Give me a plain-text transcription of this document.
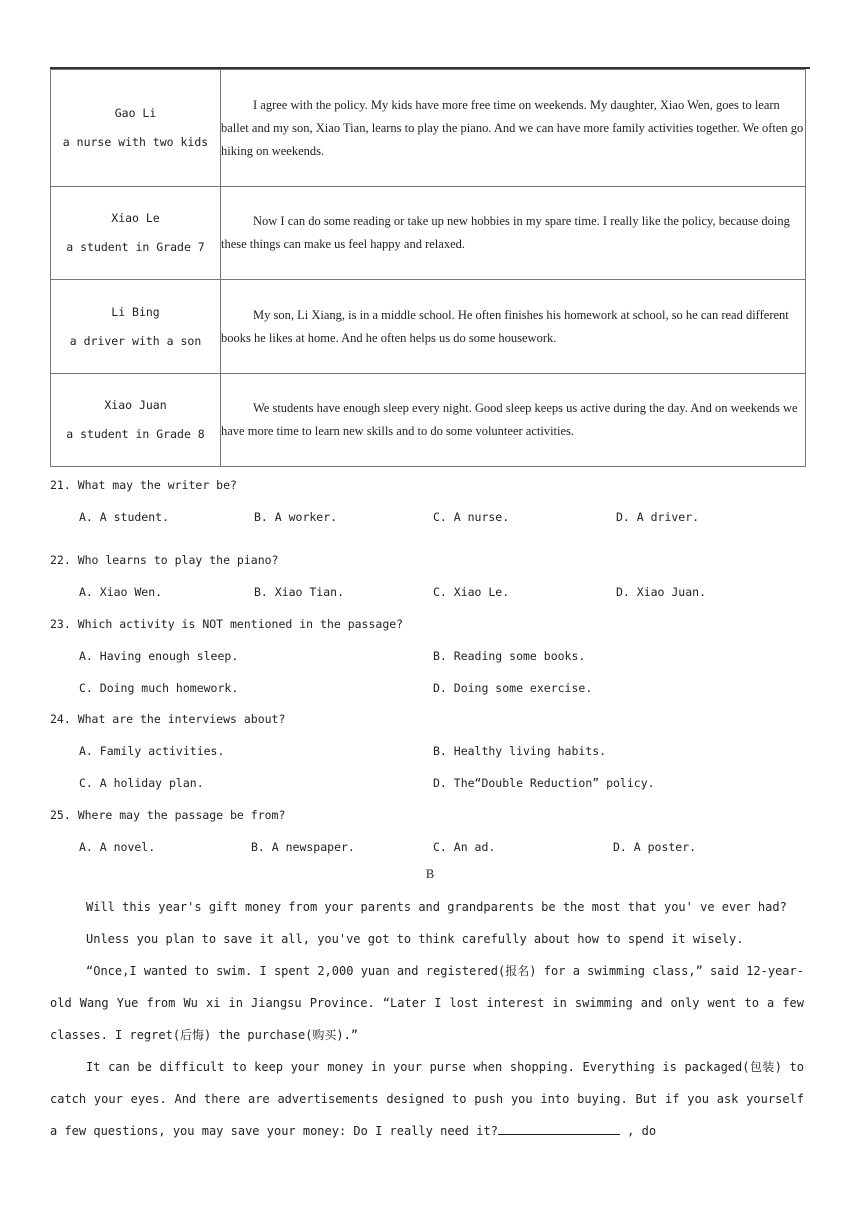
Gao Li
a nurse with two kids	I agree with the policy. My kids have more free time on weekends. My daughter, Xiao Wen, goes to learn ballet and my son, Xiao Tian, learns to play the piano. And we can have more family activities together. We often go hiking on weekends.

Xiao Le
a student in Grade 7	Now I can do some reading or take up new hobbies in my spare time. I really like the policy, because doing these things can make us feel happy and relaxed.

Li Bing
a driver with a son	My son, Li Xiang, is in a middle school. He often finishes his homework at school, so he can read different books he likes at home. And he often helps us do some housework.

Xiao Juan
a student in Grade 8	We students have enough sleep every night. Good sleep keeps us active during the day. And on weekends we have more time to learn new skills and to do some volunteer activities.
21. What may the writer be?
A. A student.	B. A worker.	C. A nurse.	D. A driver.
22. Who learns to play the piano?
A. Xiao Wen.	B. Xiao Tian.	C. Xiao Le.	D. Xiao Juan.
23. Which activity is NOT mentioned in the passage?
A. Having enough sleep.	B. Reading some books.
C. Doing much homework.	D. Doing some exercise.
24. What are the interviews about?
A. Family activities.	B. Healthy living habits.
C. A holiday plan.	D. The“Double Reduction” policy.
25. Where may the passage be from?
A. A novel.	B. A newspaper.	C. An ad.	D. A poster.
B

Will this year's gift money from your parents and grandparents be the most that you' ve ever had?

Unless you plan to save it all, you've got to think carefully about how to spend it wisely.

“Once,I wanted to swim. I spent 2,000 yuan and registered(报名) for a swimming class,” said 12-year-old Wang Yue from Wu xi in Jiangsu Province. “Later I lost interest in swimming and only went to a few classes. I regret(后悔) the purchase(购买).”

It can be difficult to keep your money in your purse when shopping. Everything is packaged(包装) to catch your eyes. And there are advertisements designed to push you into buying. But if you ask yourself a few questions, you may save your money: Do I really need it?	, do
